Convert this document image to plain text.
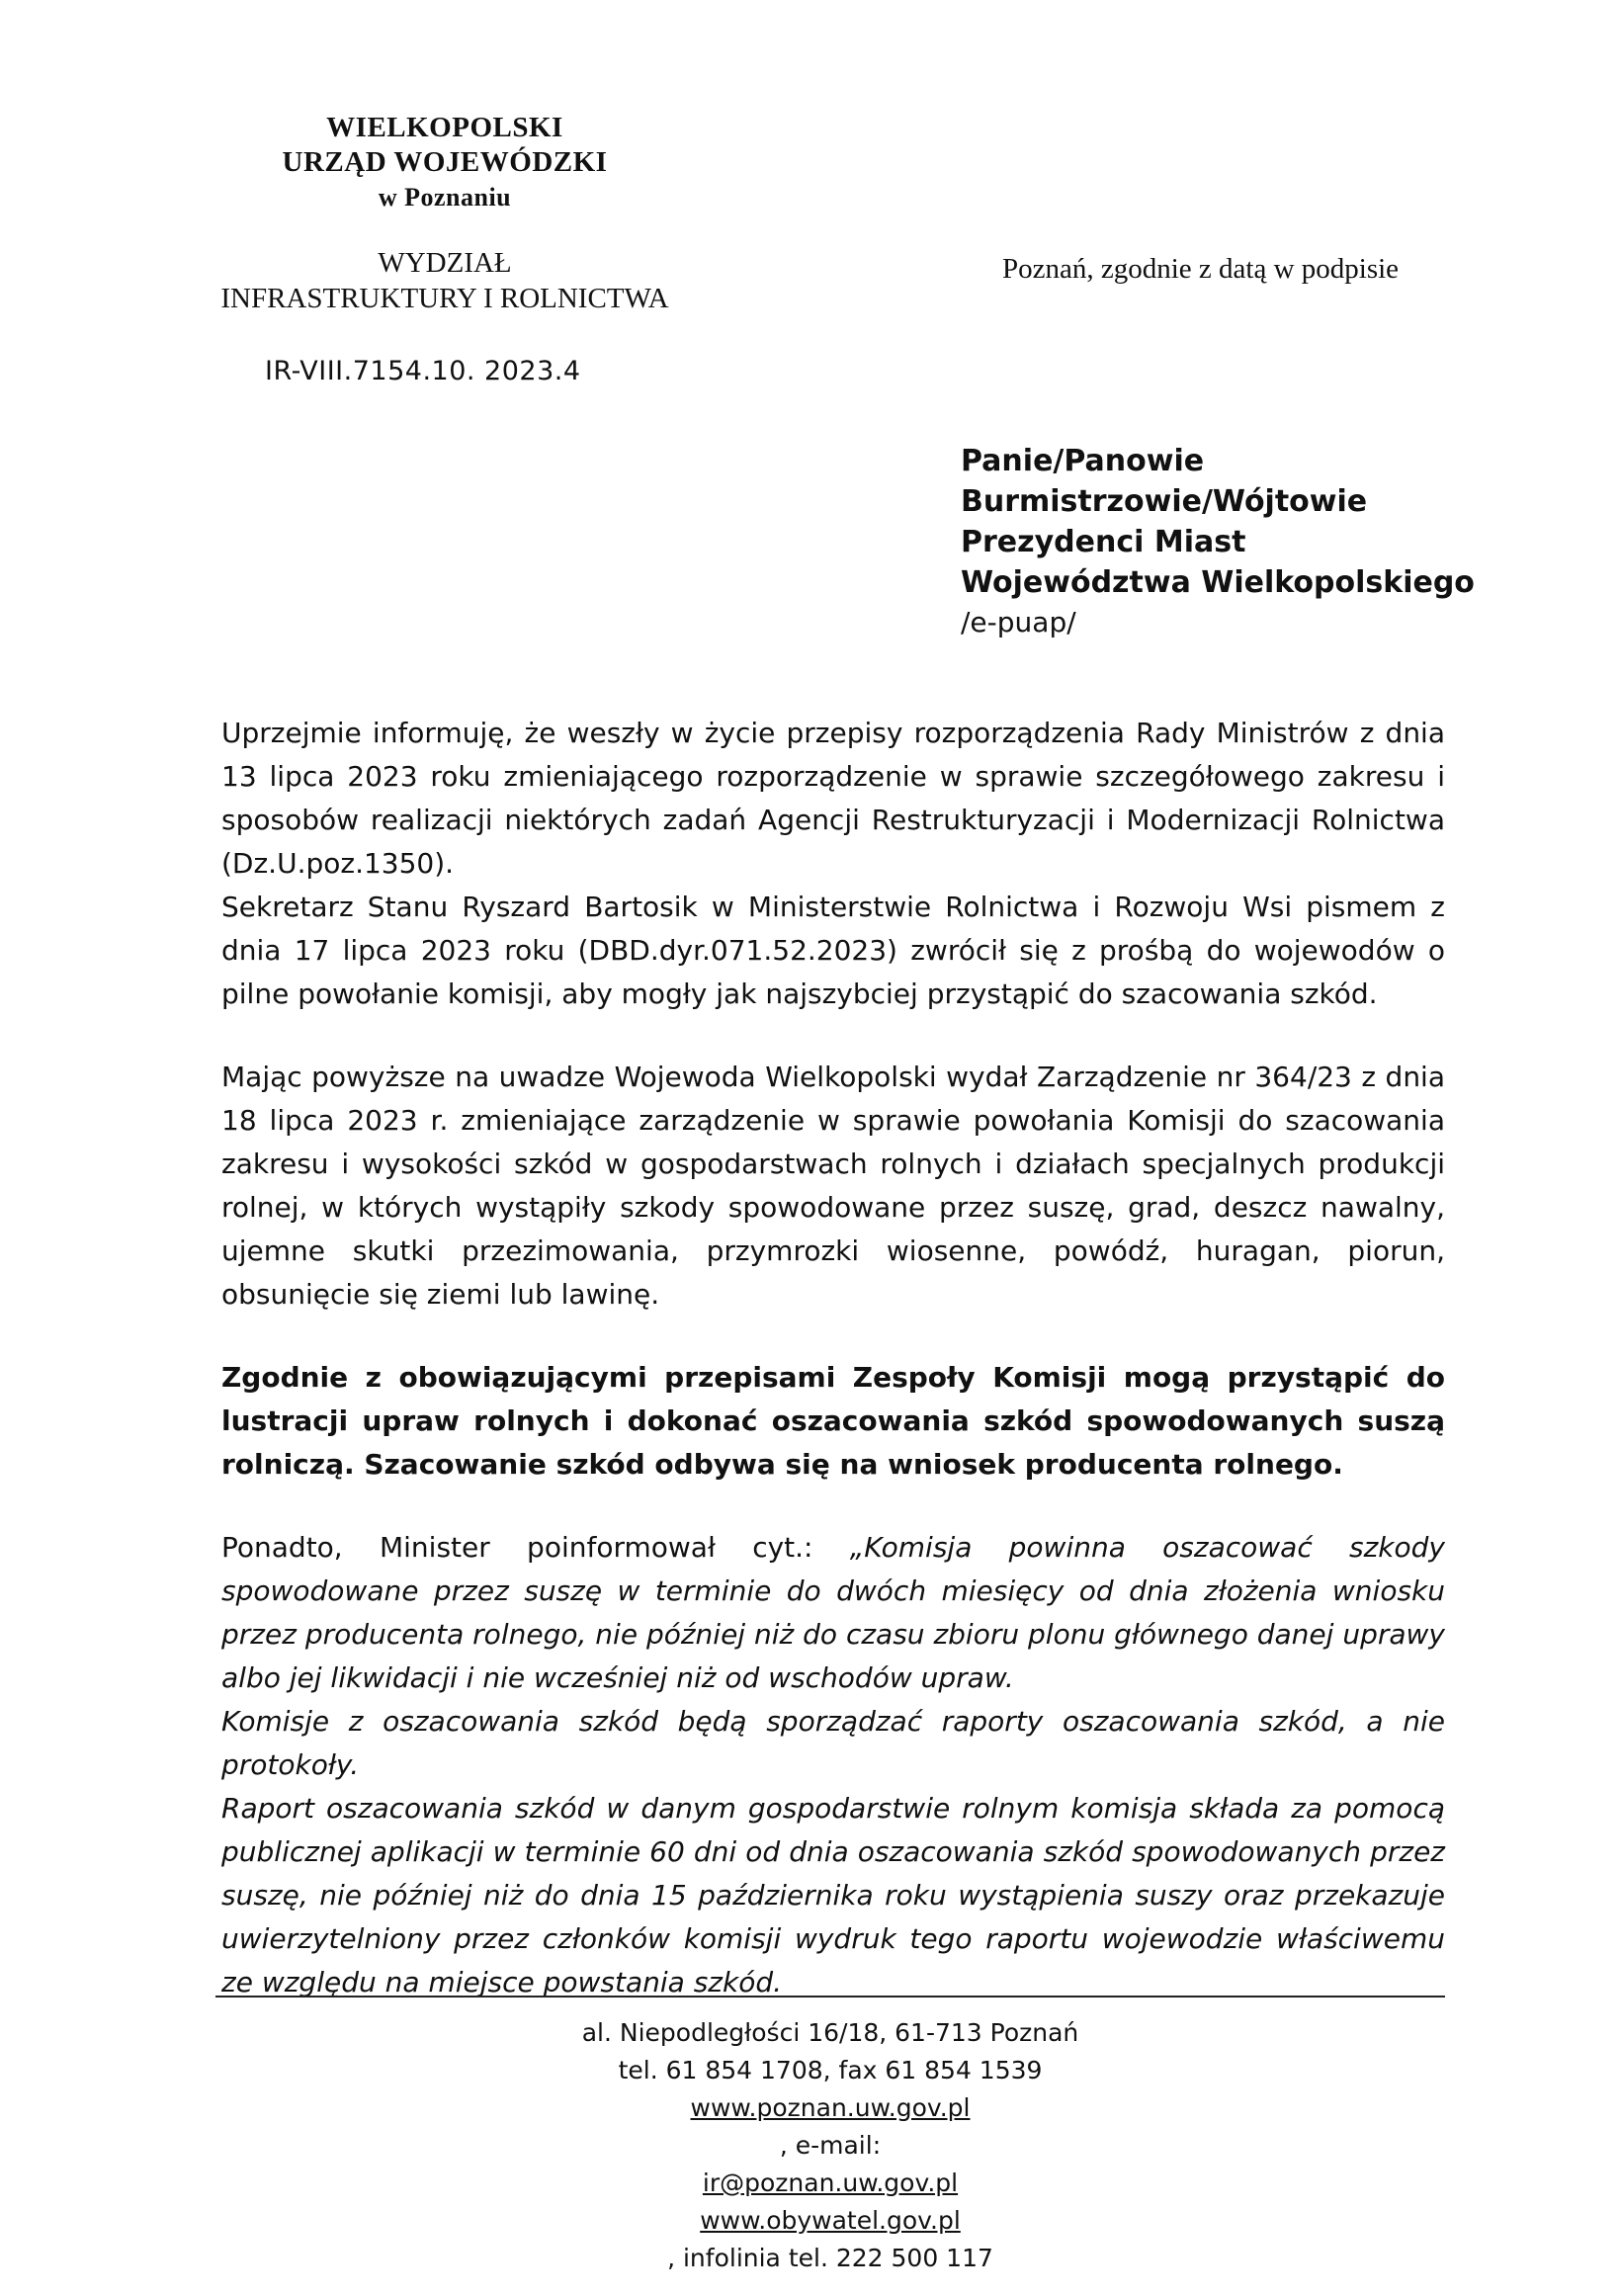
WIELKOPOLSKI
URZĄD WOJEWÓDZKI
w Poznaniu
WYDZIAŁ
INFRASTRUKTURY I ROLNICTWA
IR-VIII.7154.10. 2023.4
Poznań, zgodnie z datą w podpisie
Panie/Panowie
Burmistrzowie/Wójtowie
Prezydenci Miast
Województwa Wielkopolskiego
/e-puap/

Uprzejmie informuję, że weszły w życie przepisy rozporządzenia Rady Ministrów z dnia 13 lipca 2023 roku zmieniającego rozporządzenie w sprawie szczegółowego zakresu i sposobów realizacji niektórych zadań Agencji Restrukturyzacji i Modernizacji Rolnictwa (Dz.U.poz.1350).

Sekretarz Stanu Ryszard Bartosik w Ministerstwie Rolnictwa i Rozwoju Wsi pismem z dnia 17 lipca 2023 roku (DBD.dyr.071.52.2023) zwrócił się z prośbą do wojewodów o pilne powołanie komisji, aby mogły jak najszybciej przystąpić do szacowania szkód.

Mając powyższe na uwadze Wojewoda Wielkopolski wydał Zarządzenie nr 364/23 z dnia 18 lipca 2023 r. zmieniające zarządzenie w sprawie powołania Komisji do szacowania zakresu i wysokości szkód w gospodarstwach rolnych i działach specjalnych produkcji rolnej, w których wystąpiły szkody spowodowane przez suszę, grad, deszcz nawalny, ujemne skutki przezimowania, przymrozki wiosenne, powódź, huragan, piorun, obsunięcie się ziemi lub lawinę.

Zgodnie z obowiązującymi przepisami Zespoły Komisji mogą przystąpić do lustracji upraw rolnych i dokonać oszacowania szkód spowodowanych suszą rolniczą. Szacowanie szkód odbywa się na wniosek producenta rolnego.

Ponadto, Minister poinformował cyt.: „Komisja powinna oszacować szkody spowodowane przez suszę w terminie do dwóch miesięcy od dnia złożenia wniosku przez producenta rolnego, nie później niż do czasu zbioru plonu głównego danej uprawy albo jej likwidacji i nie wcześniej niż od wschodów upraw.

Komisje z oszacowania szkód będą sporządzać raporty oszacowania szkód, a nie protokoły.

Raport oszacowania szkód w danym gospodarstwie rolnym komisja składa za pomocą publicznej aplikacji w terminie 60 dni od dnia oszacowania szkód spowodowanych przez suszę, nie później niż do dnia 15 października roku wystąpienia suszy oraz przekazuje uwierzytelniony przez członków komisji wydruk tego raportu wojewodzie właściwemu ze względu na miejsce powstania szkód.

al. Niepodległości 16/18, 61-713 Poznań
tel. 61 854 1708, fax 61 854 1539
www.poznan.uw.gov.pl
, e-mail:
ir@poznan.uw.gov.pl
www.obywatel.gov.pl
, infolinia tel. 222 500 117
